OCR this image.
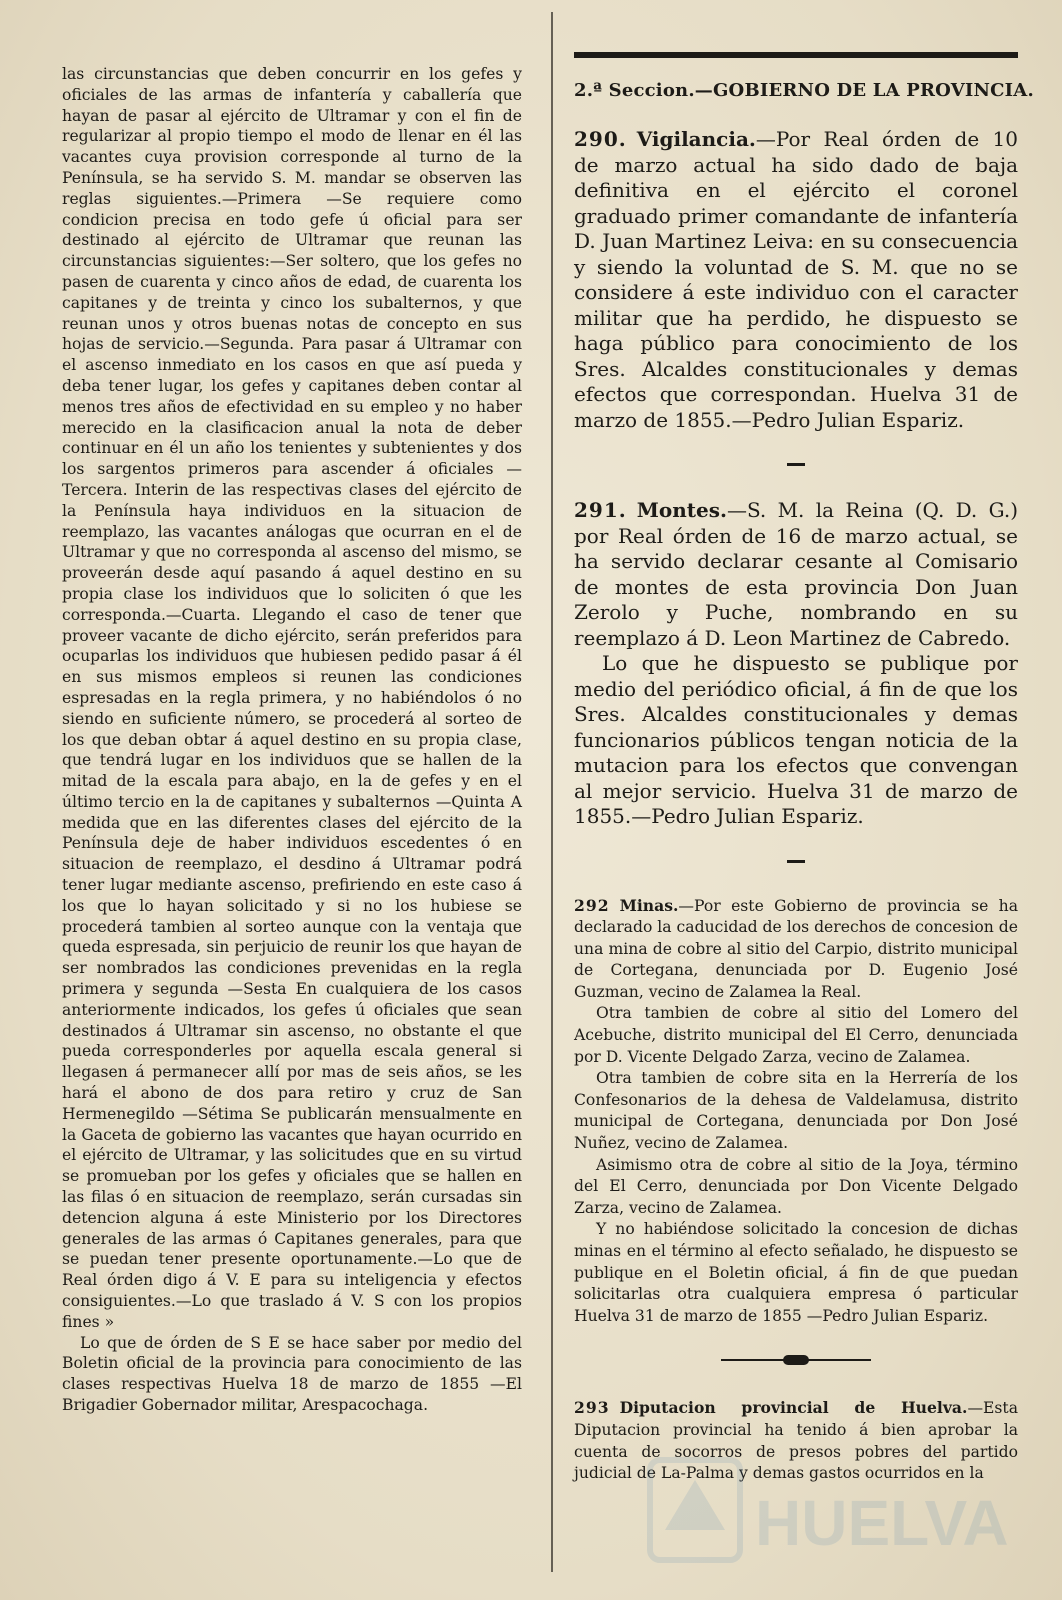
las circunstancias que deben concurrir en los gefes y oficiales de las armas de infantería y caballería que hayan de pasar al ejército de Ultramar y con el fin de regularizar al propio tiempo el modo de llenar en él las vacantes cuya provision corresponde al turno de la Península, se ha servido S. M. mandar se observen las reglas siguientes.—Primera —Se requiere como condicion precisa en todo gefe ú oficial para ser destinado al ejército de Ultramar que reunan las circunstancias siguientes:—Ser soltero, que los gefes no pasen de cuarenta y cinco años de edad, de cuarenta los capitanes y de treinta y cinco los subalternos, y que reunan unos y otros buenas notas de concepto en sus hojas de servicio.—Segunda. Para pasar á Ultramar con el ascenso inmediato en los casos en que así pueda y deba tener lugar, los gefes y capitanes deben contar al menos tres años de efectividad en su empleo y no haber merecido en la clasificacion anual la nota de deber continuar en él un año los tenientes y subtenientes y dos los sargentos primeros para ascender á oficiales —Tercera. Interin de las respectivas clases del ejército de la Península haya individuos en la situacion de reemplazo, las vacantes análogas que ocurran en el de Ultramar y que no corresponda al ascenso del mismo, se proveerán desde aquí pasando á aquel destino en su propia clase los individuos que lo soliciten ó que les corresponda.—Cuarta. Llegando el caso de tener que proveer vacante de dicho ejército, serán preferidos para ocuparlas los individuos que hubiesen pedido pasar á él en sus mismos empleos si reunen las condiciones espresadas en la regla primera, y no habiéndolos ó no siendo en suficiente número, se procederá al sorteo de los que deban obtar á aquel destino en su propia clase, que tendrá lugar en los individuos que se hallen de la mitad de la escala para abajo, en la de gefes y en el último tercio en la de capitanes y subalternos —Quinta A medida que en las diferentes clases del ejército de la Península deje de haber individuos escedentes ó en situacion de reemplazo, el desdino á Ultramar podrá tener lugar mediante ascenso, prefiriendo en este caso á los que lo hayan solicitado y si no los hubiese se procederá tambien al sorteo aunque con la ventaja que queda espresada, sin perjuicio de reunir los que hayan de ser nombrados las condiciones prevenidas en la regla primera y segunda —Sesta En cualquiera de los casos anteriormente indicados, los gefes ú oficiales que sean destinados á Ultramar sin ascenso, no obstante el que pueda corresponderles por aquella escala general si llegasen á permanecer allí por mas de seis años, se les hará el abono de dos para retiro y cruz de San Hermenegildo —Sétima Se publicarán mensualmente en la Gaceta de gobierno las vacantes que hayan ocurrido en el ejército de Ultramar, y las solicitudes que en su virtud se promueban por los gefes y oficiales que se hallen en las filas ó en situacion de reemplazo, serán cursadas sin detencion alguna á este Ministerio por los Directores generales de las armas ó Capitanes generales, para que se puedan tener presente oportunamente.—Lo que de Real órden digo á V. E para su inteligencia y efectos consiguientes.—Lo que traslado á V. S con los propios fines »

Lo que de órden de S E se hace saber por medio del Boletin oficial de la provincia para conocimiento de las clases respectivas Huelva 18 de marzo de 1855 —El Brigadier Gobernador militar, Arespacochaga.

2.ª Seccion.—GOBIERNO DE LA PROVINCIA.

290. Vigilancia.—Por Real órden de 10 de marzo actual ha sido dado de baja definitiva en el ejército el coronel graduado primer comandante de infantería D. Juan Martinez Leiva: en su consecuencia y siendo la voluntad de S. M. que no se considere á este individuo con el caracter militar que ha perdido, he dispuesto se haga público para conocimiento de los Sres. Alcaldes constitucionales y demas efectos que correspondan. Huelva 31 de marzo de 1855.—Pedro Julian Espariz.

291. Montes.—S. M. la Reina (Q. D. G.) por Real órden de 16 de marzo actual, se ha servido declarar cesante al Comisario de montes de esta provincia Don Juan Zerolo y Puche, nombrando en su reemplazo á D. Leon Martinez de Cabredo.

Lo que he dispuesto se publique por medio del periódico oficial, á fin de que los Sres. Alcaldes constitucionales y demas funcionarios públicos tengan noticia de la mutacion para los efectos que convengan al mejor servicio. Huelva 31 de marzo de 1855.—Pedro Julian Espariz.

292 Minas.—Por este Gobierno de provincia se ha declarado la caducidad de los derechos de concesion de una mina de cobre al sitio del Carpio, distrito municipal de Cortegana, denunciada por D. Eugenio José Guzman, vecino de Zalamea la Real.

Otra tambien de cobre al sitio del Lomero del Acebuche, distrito municipal del El Cerro, denunciada por D. Vicente Delgado Zarza, vecino de Zalamea.

Otra tambien de cobre sita en la Herrería de los Confesonarios de la dehesa de Valdelamusa, distrito municipal de Cortegana, denunciada por Don José Nuñez, vecino de Zalamea.

Asimismo otra de cobre al sitio de la Joya, término del El Cerro, denunciada por Don Vicente Delgado Zarza, vecino de Zalamea.

Y no habiéndose solicitado la concesion de dichas minas en el término al efecto señalado, he dispuesto se publique en el Boletin oficial, á fin de que puedan solicitarlas otra cualquiera empresa ó particular Huelva 31 de marzo de 1855 —Pedro Julian Espariz.

293 Diputacion provincial de Huelva.—Esta Diputacion provincial ha tenido á bien aprobar la cuenta de socorros de presos pobres del partido judicial de La-Palma y demas gastos ocurridos en la

HUELVA
